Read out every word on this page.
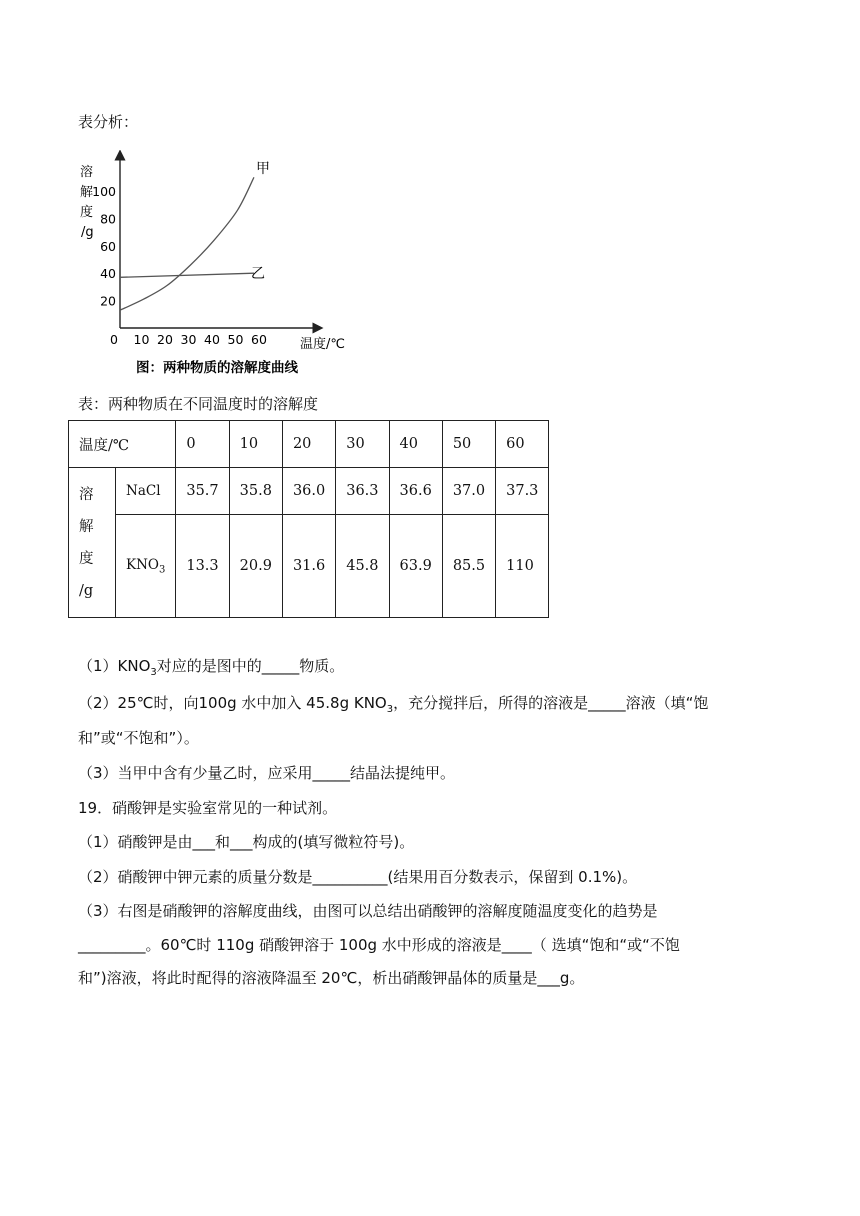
表分析：
溶
解
度
/g
100
80
60
40
20
0 10 20 30 40 50 60	温度/℃
甲
乙
图：两种物质的溶解度曲线
表：两种物质在不同温度时的溶解度
温度/℃		0	10	20	30	40	50	60

溶
解
度
/g	NaCl	35.7	35.8	36.0	36.3	36.6	37.0	37.3
	$KNO_3$	13.3	20.9	31.6	45.8	63.9	85.5	110
$(1)KNO_3$对应的是图中的_____物质。
（2）25℃时，向100g 水中加入 45.8g $KNO_3$，充分搅拌后，所得的溶液是_____溶液（填“饱
和”或“不饱和”）。
（3）当甲中含有少量乙时，应采用_____结晶法提纯甲。
19．硝酸钾是实验室常见的一种试剂。
（1）硝酸钾是由___和___构成的(填写微粒符号)。
（2）硝酸钾中钾元素的质量分数是__________(结果用百分数表示，保留到 0.1%)。
（3）右图是硝酸钾的溶解度曲线，由图可以总结出硝酸钾的溶解度随温度变化的趋势是
_________。60℃时 110g 硝酸钾溶于 100g 水中形成的溶液是____（ 选填“饱和“或“不饱
和”)溶液，将此时配得的溶液降温至 20℃，析出硝酸钾晶体的质量是___g。
